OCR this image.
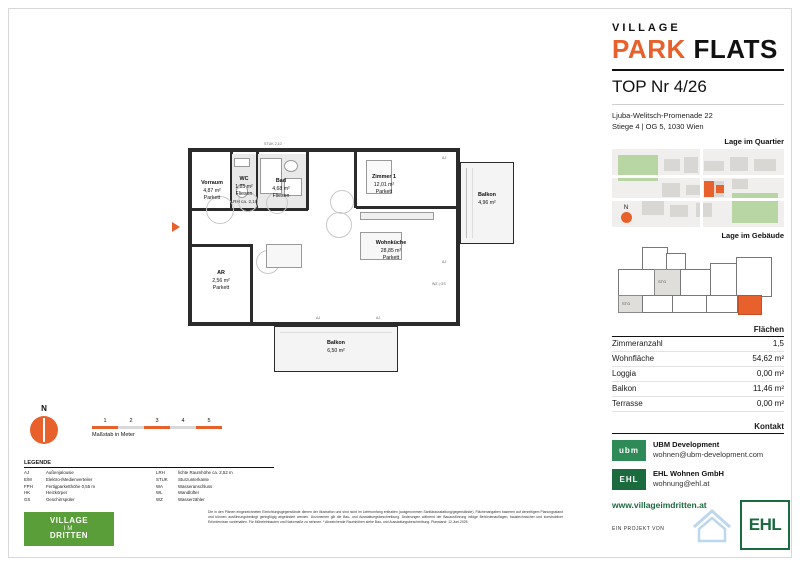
VILLAGE
PARK FLATS
TOP Nr 4/26
Ljuba-Welitsch-Promenade 22
Stiege 4 | OG 5, 1030 Wien
Lage im Quartier
N
Lage im Gebäude
STG
STG
Flächen
Zimmeranzahl	1,5
Wohnfläche	54,62 m²
Loggia	0,00 m²
Balkon	11,46 m²
Terrasse	0,00 m²
Kontakt
ubm
UBM Development
wohnen@ubm-development.com
EHL
EHL Wohnen GmbH
wohnung@ehl.at
www.villageimdritten.at
Vorraum
4,87 m²
Parkett
WC
1,85 m²
Fliesen
LRH ca. 2,10
Bad
4,68 m²
Fliesen
Zimmer 1
12,01 m²
Parkett	Balkon
4,96 m²
Wohnküche
28,85 m²
Parkett
AR
2,56 m²
Parkett
Balkon
6,50 m²
STUK 2,10
AJ
AJ
AJ	AJ
WZ | GS
N
1	2	3	4	5
Maßstab in Meter
LEGENDE
AJ	Außenjalousie
E/M	Elektro-/Medienverteiler
FPH	Fertigparketthöhe 0,55 m
HK	Heizkörper
GS	Geschirrspüler
LRH	lichte Raumhöhe ca. 2,52 m
STUK	Sturzunterkante
WA	Wasseranschluss
WL	Wandlüfter
WZ	Wasserzähler
VILLAGE
IM
DRITTEN
Die in den Plänen eingezeichneten Einrichtungsgegenstände dienen der Illustration und sind nicht im Lieferumfang enthalten (ausgenommen Sanitärausstattung/gegenstände). Flächenangaben basieren auf derzeitigem Planungsstand und können ausführungsbedingt geringfügig abgeändert werden. Unzonemen gilt die Bau- und Ausstattungsbeschreibung. Änderungen während der Bauausführung infolge Behördenauflagen, baustechnischer und konstruktiver Erfordernisse vorbehalten. Für Möbeleinbauten und Naturmaße zu nehmen. * Abweichende Raumhöhen siehe Bau- und Ausstattungsbeschreibung. Planstand: 12.Juni.2025
EIN PROJEKT VON	EHL
